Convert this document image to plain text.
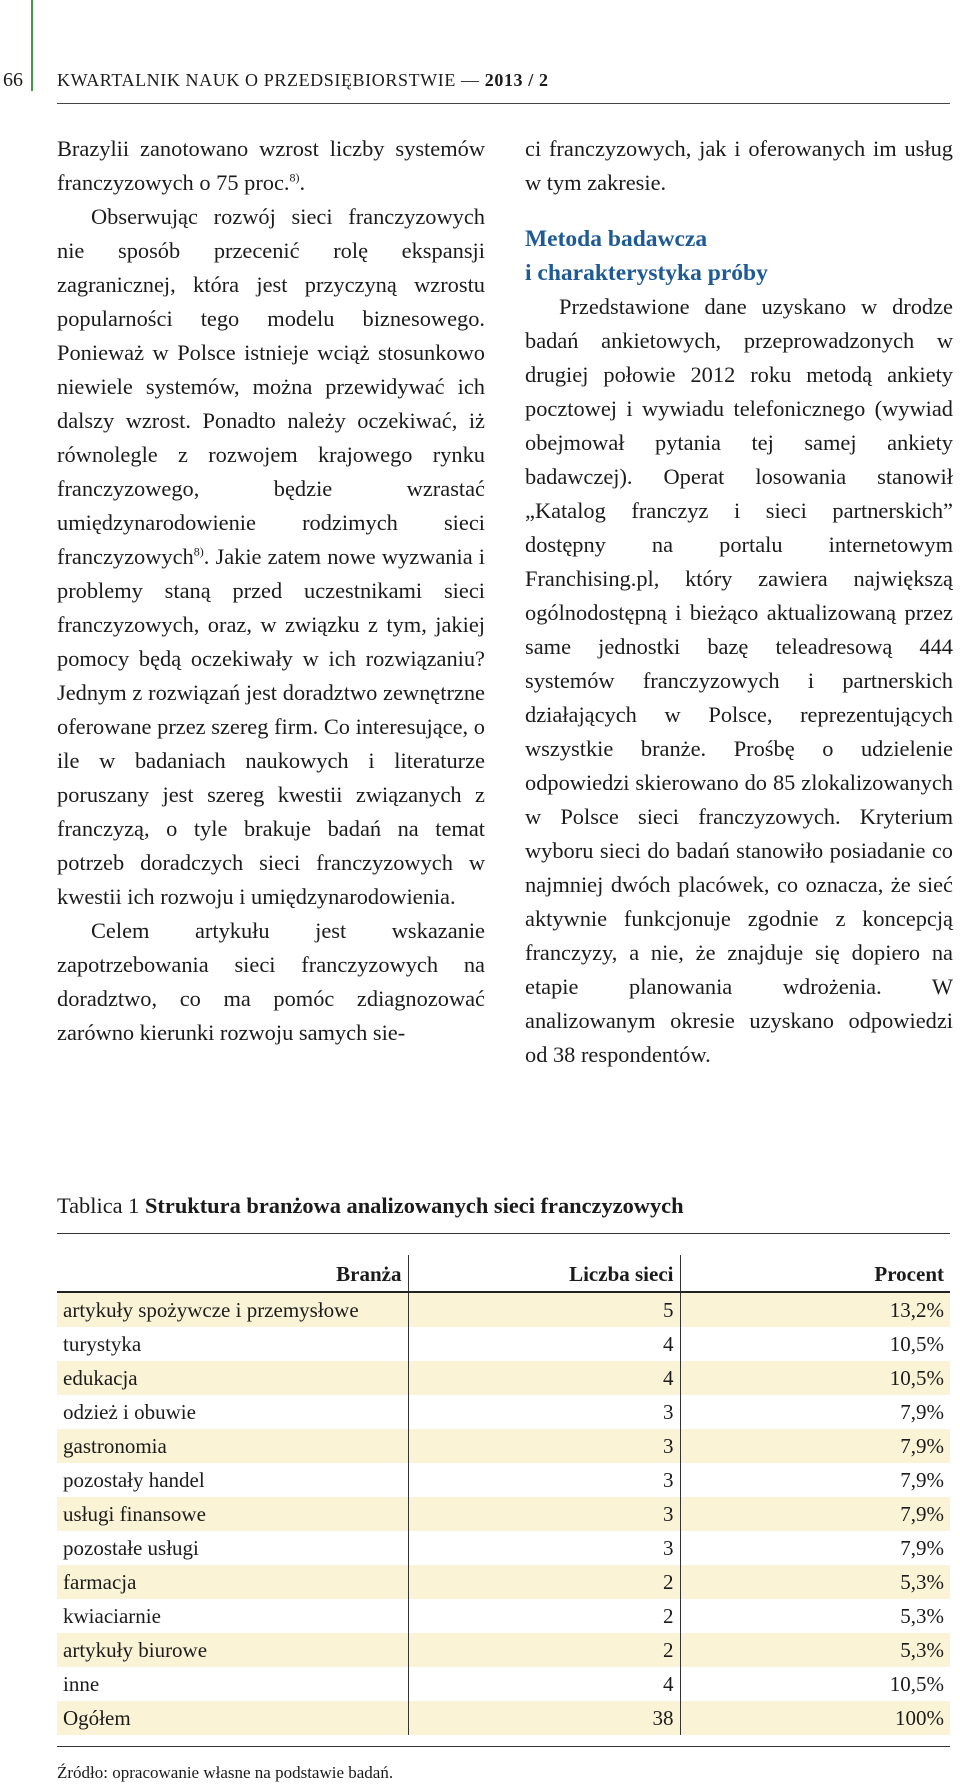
66 KWARTALNIK NAUK O PRZEDSIĘBIORSTWIE — 2013 / 2

Brazylii zanotowano wzrost liczby systemów franczyzowych o 75 proc.$^{8)}$.

Obserwując rozwój sieci franczyzowych nie sposób przecenić rolę ekspansji zagranicznej, która jest przyczyną wzrostu popularności tego modelu biznesowego. Ponieważ w Polsce istnieje wciąż stosunkowo niewiele systemów, można przewidywać ich dalszy wzrost. Ponadto należy oczekiwać, iż równolegle z rozwojem krajowego rynku franczyzowego, będzie wzrastać umiędzynarodowienie rodzimych sieci franczyzowych$^{8)}$. Jakie zatem nowe wyzwania i problemy staną przed uczestnikami sieci franczyzowych, oraz, w związku z tym, jakiej pomocy będą oczekiwały w ich rozwiązaniu? Jednym z rozwiązań jest doradztwo zewnętrzne oferowane przez szereg firm. Co interesujące, o ile w badaniach naukowych i literaturze poruszany jest szereg kwestii związanych z franczyzą, o tyle brakuje badań na temat potrzeb doradczych sieci franczyzowych w kwestii ich rozwoju i umiędzynarodowienia.

Celem artykułu jest wskazanie zapotrzebowania sieci franczyzowych na doradztwo, co ma pomóc zdiagnozować zarówno kierunki rozwoju samych sie-

ci franczyzowych, jak i oferowanych im usług w tym zakresie.

Metoda badawcza
i charakterystyka próby

Przedstawione dane uzyskano w drodze badań ankietowych, przeprowadzonych w drugiej połowie 2012 roku metodą ankiety pocztowej i wywiadu telefonicznego (wywiad obejmował pytania tej samej ankiety badawczej). Operat losowania stanowił „Katalog franczyz i sieci partnerskich” dostępny na portalu internetowym Franchising.pl, który zawiera największą ogólnodostępną i bieżąco aktualizowaną przez same jednostki bazę teleadresową 444 systemów franczyzowych i partnerskich działających w Polsce, reprezentujących wszystkie branże. Prośbę o udzielenie odpowiedzi skierowano do 85 zlokalizowanych w Polsce sieci franczyzowych. Kryterium wyboru sieci do badań stanowiło posiadanie co najmniej dwóch placówek, co oznacza, że sieć aktywnie funkcjonuje zgodnie z koncepcją franczyzy, a nie, że znajduje się dopiero na etapie planowania wdrożenia. W analizowanym okresie uzyskano odpowiedzi od 38 respondentów.

Tablica 1 Struktura branżowa analizowanych sieci franczyzowych
Branża	Liczba sieci	Procent
artykuły spożywcze i przemysłowe	5	13,2%
turystyka	4	10,5%
edukacja	4	10,5%
odzież i obuwie	3	7,9%
gastronomia	3	7,9%
pozostały handel	3	7,9%
usługi finansowe	3	7,9%
pozostałe usługi	3	7,9%
farmacja	2	5,3%
kwiaciarnie	2	5,3%
artykuły biurowe	2	5,3%
inne	4	10,5%
Ogółem	38	100%
Źródło: opracowanie własne na podstawie badań.
